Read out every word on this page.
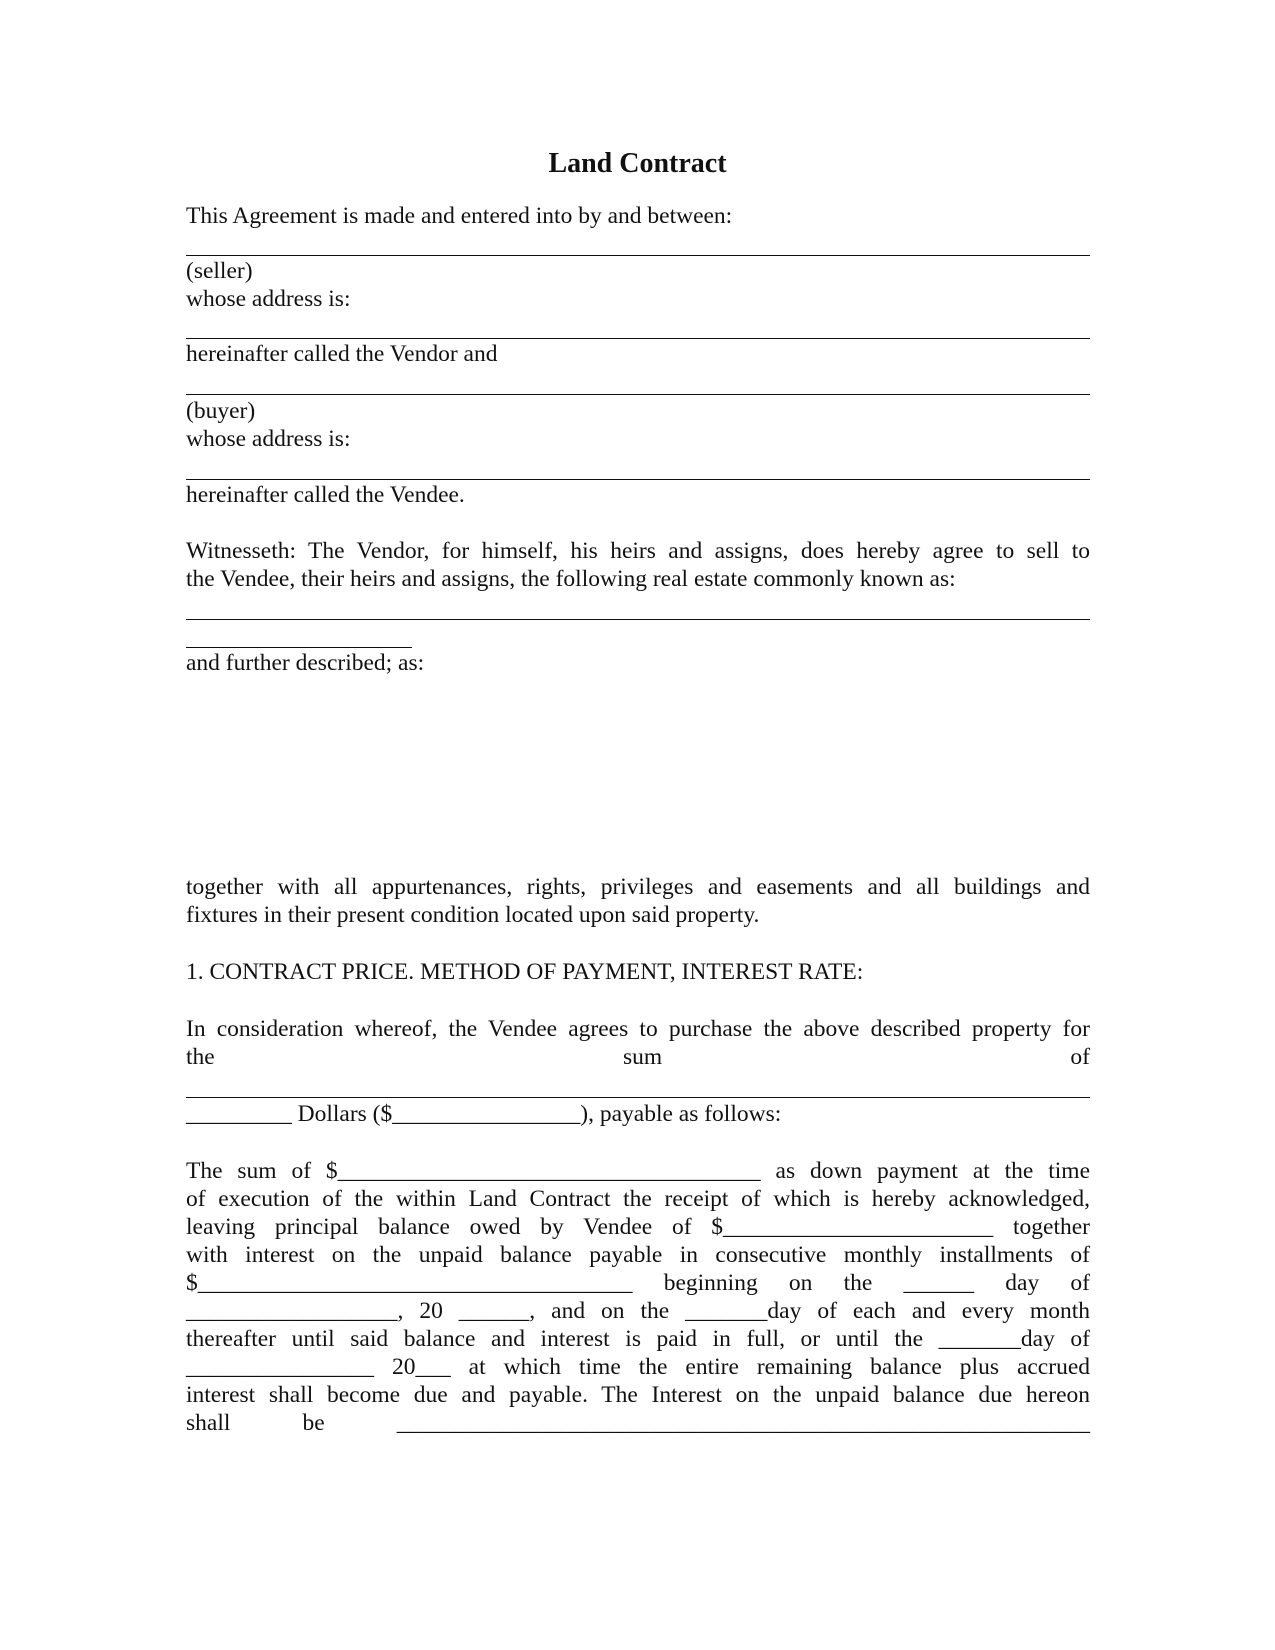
Land Contract
This Agreement is made and entered into by and between:
(seller)
whose address is:
hereinafter called the Vendor and
(buyer)
whose address is:
hereinafter called the Vendee.
Witnesseth: The Vendor, for himself, his heirs and assigns, does hereby agree to sell to
the Vendee, their heirs and assigns, the following real estate commonly known as:
and further described; as:
together with all appurtenances, rights, privileges and easements and all buildings and
fixtures in their present condition located upon said property.
1. CONTRACT PRICE. METHOD OF PAYMENT, INTEREST RATE:
In consideration whereof, the Vendee agrees to purchase the above described property for
the sum of
_________ Dollars ($________________), payable as follows:
The sum of $____________________________________ as down payment at the time
of execution of the within Land Contract the receipt of which is hereby acknowledged,
leaving principal balance owed by Vendee of $_______________________ together
with interest on the unpaid balance payable in consecutive monthly installments of
$_____________________________________ beginning on the ______ day of
__________________, 20 ______, and on the _______day of each and every month
thereafter until said balance and interest is paid in full, or until the _______day of
________________ 20___ at which time the entire remaining balance plus accrued
interest shall become due and payable. The Interest on the unpaid balance due hereon
shall be ___________________________________________________________
